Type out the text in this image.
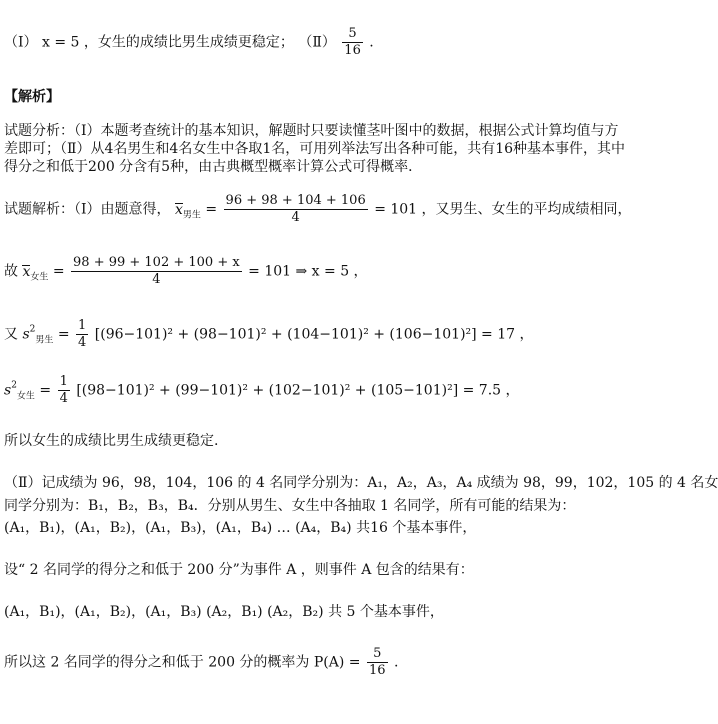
（Ⅰ） x = 5 ，女生的成绩比男生成绩更稳定； （Ⅱ） $\frac{5}{16}$ .
【解析】
试题分析：（Ⅰ）本题考查统计的基本知识，解题时只要读懂茎叶图中的数据，根据公式计算均值与方差即可；（Ⅱ）从4名男生和4名女生中各取1名，可用列举法写出各种可能，共有16种基本事件，其中得分之和低于200 分含有5种，由古典概型概率计算公式可得概率．
试题解析：（Ⅰ）由题意得， $x_{男生} = \frac{96 + 98 + 104 + 106}{4} = 101$ ，又男生、女生的平均成绩相同，
故 $x_{女生} = \frac{98 + 99 + 102 + 100 + x}{4} = 101$ ⇒ x = 5 ，
又 $s^2_{男生} = \frac{1}{4} [(96-101)^2 + (98-101)^2 + (104-101)^2 + (106-101)^2] = 17$ ，
$s^2_{女生} = \frac{1}{4} [(98-101)^2 + (99-101)^2 + (102-101)^2 + (105-101)^2] = 7.5$ ，
所以女生的成绩比男生成绩更稳定.
（Ⅱ）记成绩为 96，98，104，106 的 4 名同学分别为：A₁，A₂，A₃，A₄ 成绩为 98，99，102，105 的 4 名女
同学分别为：B₁，B₂，B₃，B₄．分别从男生、女生中各抽取 1 名同学，所有可能的结果为：
(A₁，B₁)，(A₁，B₂)，(A₁，B₃)，(A₁，B₄) … (A₄，B₄) 共16 个基本事件，
设“ 2 名同学的得分之和低于 200 分”为事件 A ，则事件 A 包含的结果有：
(A₁，B₁)，(A₁，B₂)，(A₁，B₃) (A₂，B₁) (A₂，B₂) 共 5 个基本事件，
所以这 2 名同学的得分之和低于 200 分的概率为 $P(A) = \frac{5}{16}$ .
